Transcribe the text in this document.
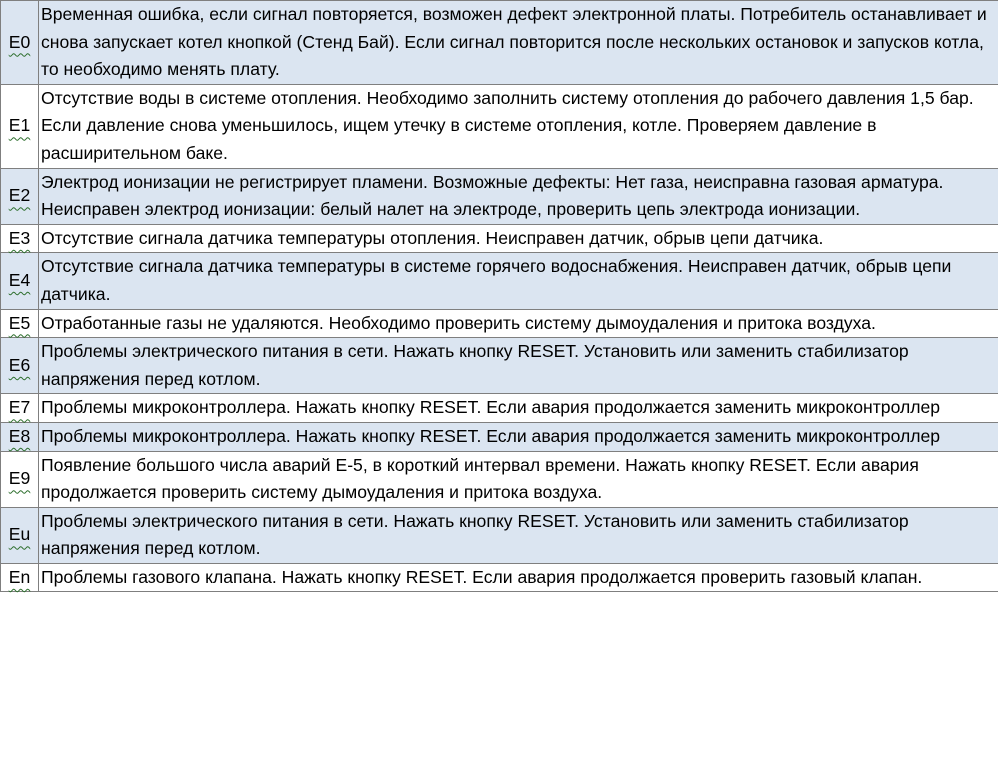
E0	Временная ошибка, если сигнал повторяется, возможен дефект электронной платы. Потребитель останавливает и снова запускает котел кнопкой (Стенд Бай). Если сигнал повторится после нескольких остановок и запусков котла, то необходимо менять плату.
E1	Отсутствие воды в системе отопления. Необходимо заполнить систему отопления до рабочего давления 1,5 бар. Если давление снова уменьшилось, ищем утечку в системе отопления, котле. Проверяем давление в расширительном баке.
E2	Электрод ионизации не регистрирует пламени. Возможные дефекты: Нет газа, неисправна газовая арматура. Неисправен электрод ионизации: белый налет на электроде, проверить цепь электрода ионизации.
E3	Отсутствие сигнала датчика температуры отопления. Неисправен датчик, обрыв цепи датчика.
E4	Отсутствие сигнала датчика температуры в системе горячего водоснабжения. Неисправен датчик, обрыв цепи датчика.
E5	Отработанные газы не удаляются. Необходимо проверить систему дымоудаления и притока воздуха.
E6	Проблемы электрического питания в сети. Нажать кнопку RESET. Установить или заменить стабилизатор напряжения перед котлом.
E7	Проблемы микроконтроллера. Нажать кнопку RESET. Если авария продолжается заменить микроконтроллер
E8	Проблемы микроконтроллера. Нажать кнопку RESET. Если авария продолжается заменить микроконтроллер
E9	Появление большого числа аварий Е-5, в короткий интервал времени. Нажать кнопку RESET. Если авария продолжается проверить систему дымоудаления и притока воздуха.
Eu	Проблемы электрического питания в сети. Нажать кнопку RESET. Установить или заменить стабилизатор напряжения перед котлом.
En	Проблемы газового клапана. Нажать кнопку RESET. Если авария продолжается проверить газовый клапан.
